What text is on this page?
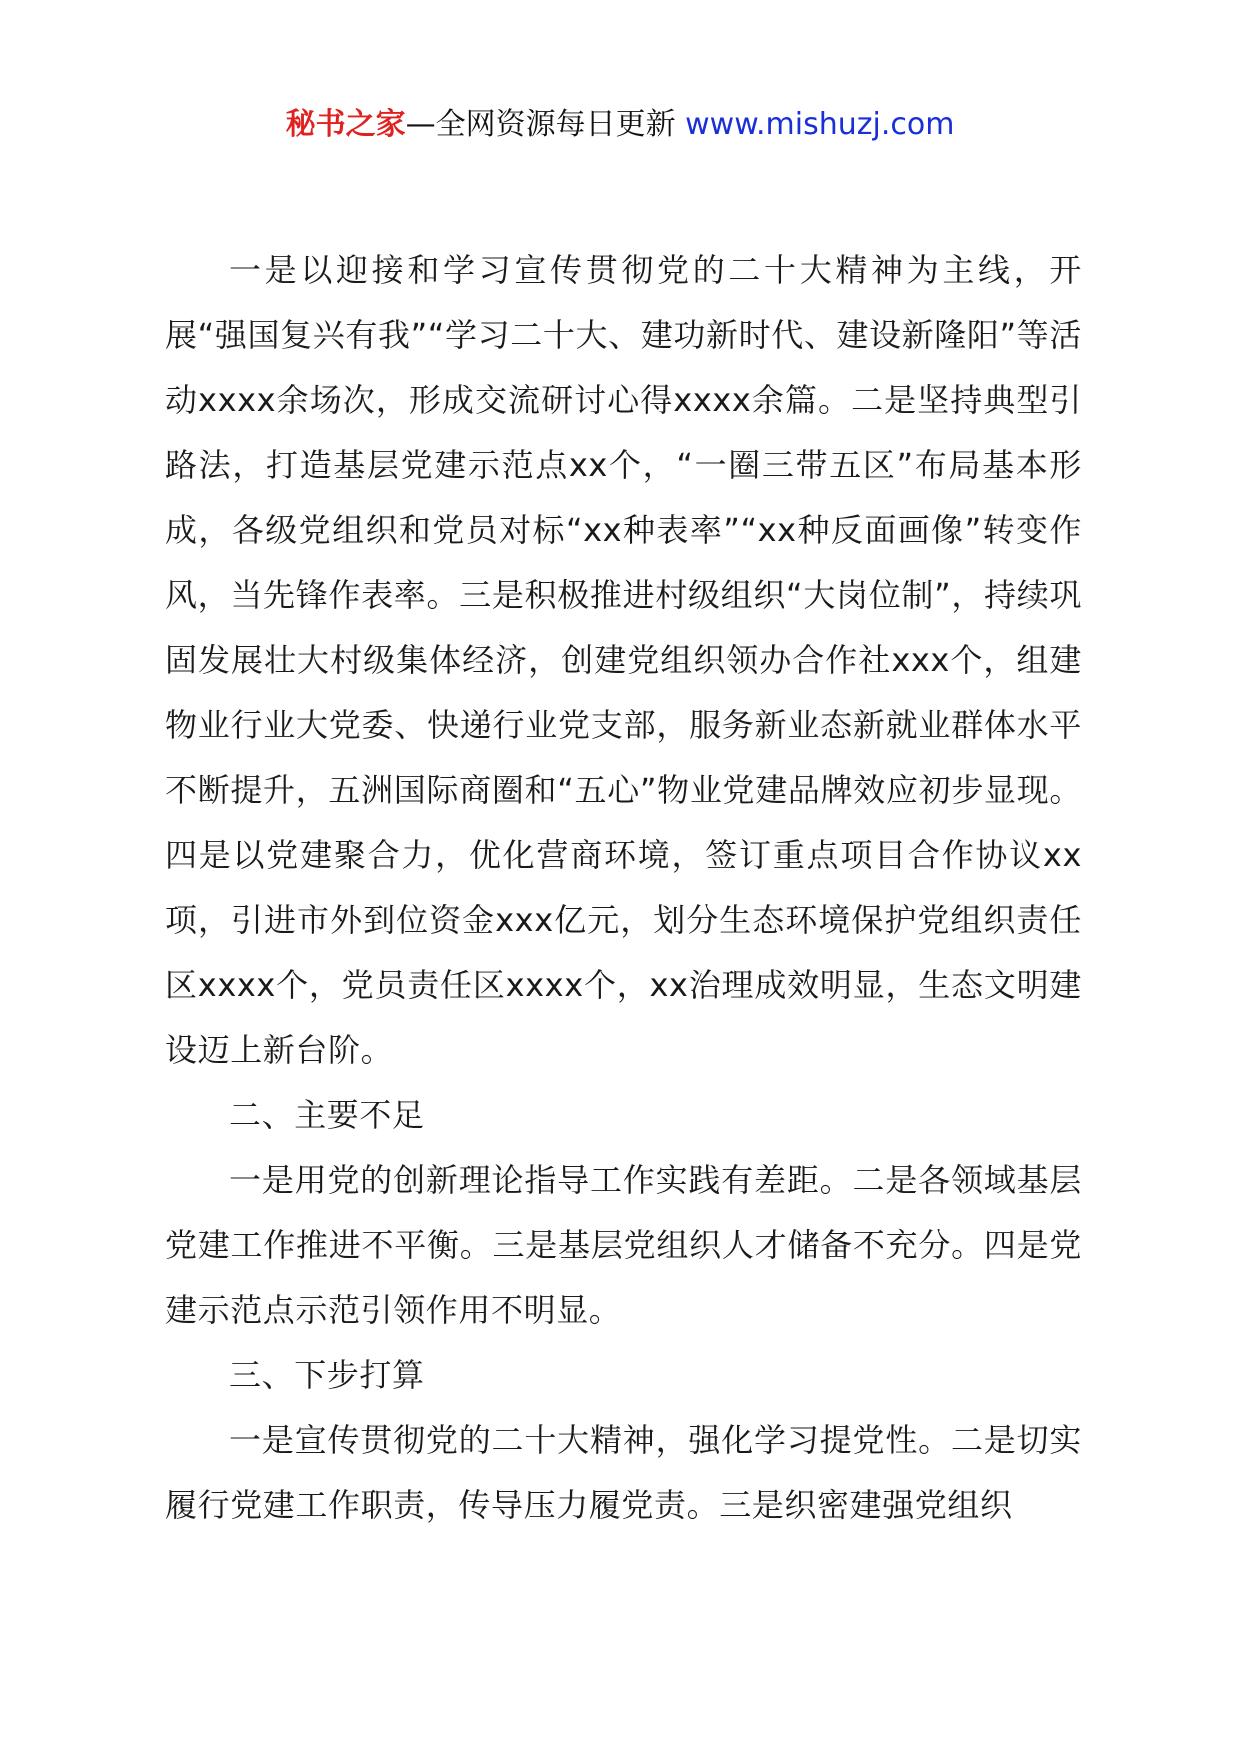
秘书之家—全网资源每日更新 www.mishuzj.com

一是以迎接和学习宣传贯彻党的二十大精神为主线，开展“强国复兴有我”“学习二十大、建功新时代、建设新隆阳”等活动xxxx余场次，形成交流研讨心得xxxx余篇。二是坚持典型引路法，打造基层党建示范点xx个，“一圈三带五区”布局基本形成，各级党组织和党员对标“xx种表率”“xx种反面画像”转变作风，当先锋作表率。三是积极推进村级组织“大岗位制”，持续巩固发展壮大村级集体经济，创建党组织领办合作社xxx个，组建物业行业大党委、快递行业党支部，服务新业态新就业群体水平不断提升，五洲国际商圈和“五心”物业党建品牌效应初步显现。四是以党建聚合力，优化营商环境，签订重点项目合作协议xx项，引进市外到位资金xxx亿元，划分生态环境保护党组织责任区xxxx个，党员责任区xxxx个，xx治理成效明显，生态文明建设迈上新台阶。

二、主要不足

一是用党的创新理论指导工作实践有差距。二是各领域基层党建工作推进不平衡。三是基层党组织人才储备不充分。四是党建示范点示范引领作用不明显。

三、下步打算

一是宣传贯彻党的二十大精神，强化学习提党性。二是切实履行党建工作职责，传导压力履党责。三是织密建强党组织
